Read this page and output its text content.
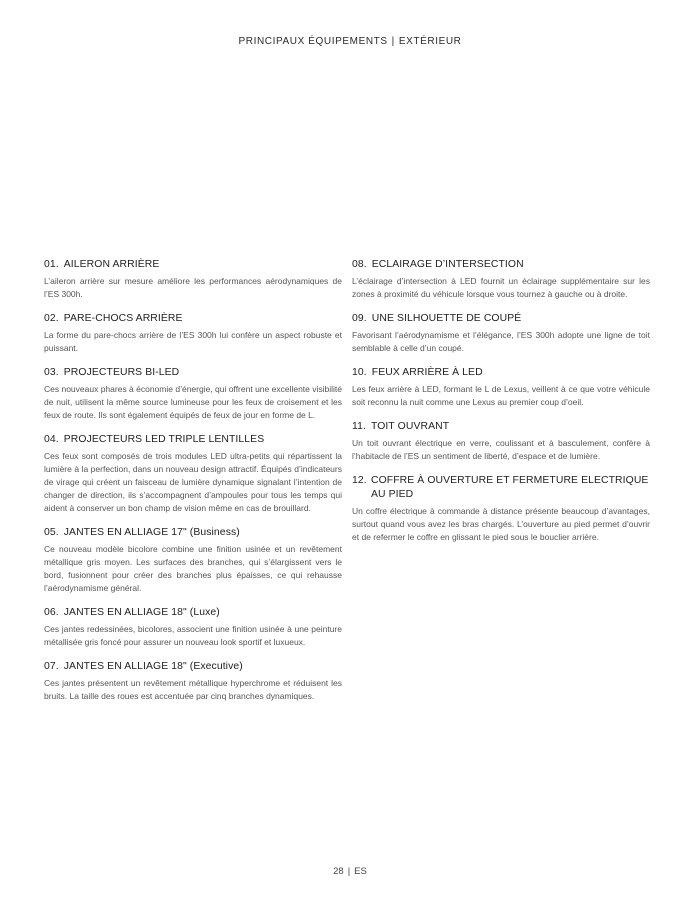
PRINCIPAUX ÉQUIPEMENTS | EXTÉRIEUR
01. AILERON ARRIÈRE
L’aileron arrière sur mesure améliore les performances aérodynamiques de l’ES 300h.
02. PARE-CHOCS ARRIÈRE
La forme du pare-chocs arrière de l’ES 300h lui confère un aspect robuste et puissant.
03. PROJECTEURS BI-LED
Ces nouveaux phares à économie d’énergie, qui offrent une excellente visibilité de nuit, utilisent la même source lumineuse pour les feux de croisement et les feux de route. Ils sont également équipés de feux de jour en forme de L.
04. PROJECTEURS LED TRIPLE LENTILLES
Ces feux sont composés de trois modules LED ultra-petits qui répartissent la lumière à la perfection, dans un nouveau design attractif. Équipés d’indicateurs de virage qui créent un faisceau de lumière dynamique signalant l’intention de changer de direction, ils s’accompagnent d’ampoules pour tous les temps qui aident à conserver un bon champ de vision même en cas de brouillard.
05. JANTES EN ALLIAGE 17" (Business)
Ce nouveau modèle bicolore combine une finition usinée et un revêtement métallique gris moyen. Les surfaces des branches, qui s’élargissent vers le bord, fusionnent pour créer des branches plus épaisses, ce qui rehausse l’aérodynamisme général.
06. JANTES EN ALLIAGE 18" (Luxe)
Ces jantes redessinées, bicolores, associent une finition usinée à une peinture métallisée gris foncé pour assurer un nouveau look sportif et luxueux.
07. JANTES EN ALLIAGE 18" (Executive)
Ces jantes présentent un revêtement métallique hyperchrome et réduisent les bruits. La taille des roues est accentuée par cinq branches dynamiques.
08. ECLAIRAGE D’INTERSECTION
L’éclairage d’intersection à LED fournit un éclairage supplémentaire sur les zones à proximité du véhicule lorsque vous tournez à gauche ou à droite.
09. UNE SILHOUETTE DE COUPÉ
Favorisant l’aérodynamisme et l’élégance, l’ES 300h adopte une ligne de toit semblable à celle d’un coupé.
10. FEUX ARRIÈRE À LED
Les feux arrière à LED, formant le L de Lexus, veillent à ce que votre véhicule soit reconnu la nuit comme une Lexus au premier coup d’oeil.
11. TOIT OUVRANT
Un toit ouvrant électrique en verre, coulissant et à basculement, confère à l’habitacle de l’ES un sentiment de liberté, d’espace et de lumière.
12. COFFRE À OUVERTURE ET FERMETURE ELECTRIQUE AU PIED
Un coffre électrique à commande à distance présente beaucoup d’avantages, surtout quand vous avez les bras chargés. L’ouverture au pied permet d’ouvrir et de refermer le coffre en glissant le pied sous le bouclier arrière.
28 | ES
